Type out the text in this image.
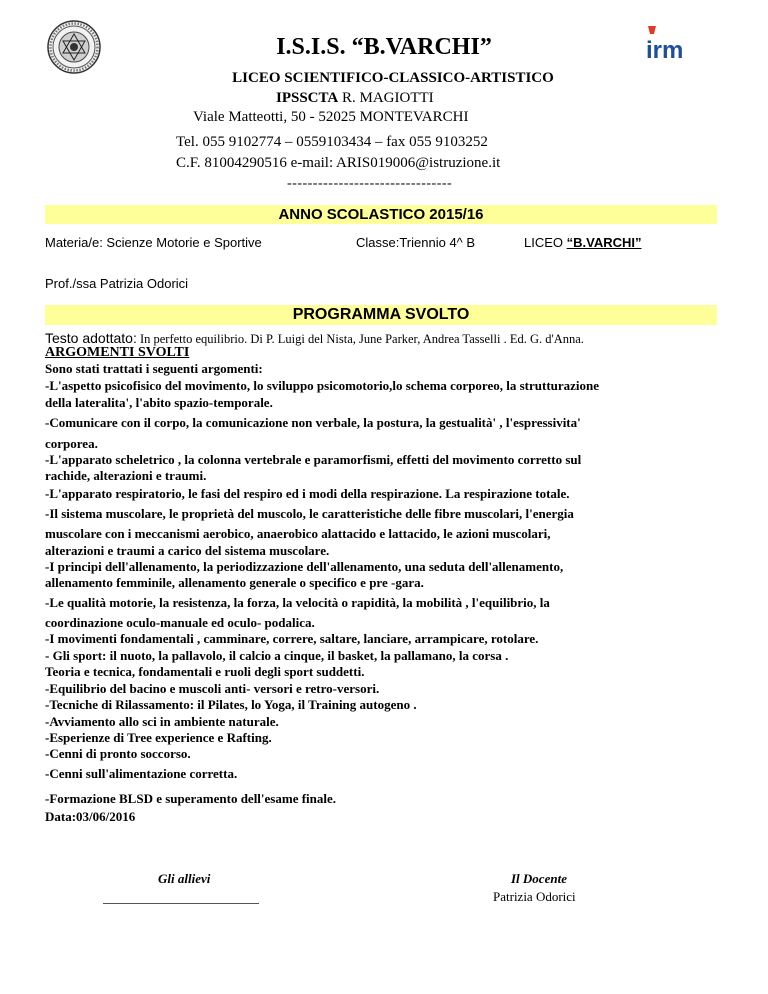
irm
I.S.I.S. “B.VARCHI”
LICEO SCIENTIFICO-CLASSICO-ARTISTICO
IPSSCTA R. MAGIOTTI
Viale Matteotti, 50 - 52025 MONTEVARCHI
Tel. 055 9102774 – 0559103434 – fax 055 9103252
C.F. 81004290516 e-mail: ARIS019006@istruzione.it
--------------------------------
ANNO SCOLASTICO 2015/16
Materia/e: Scienze Motorie e Sportive	Classe:Triennio 4^ B	LICEO “B.VARCHI”
Prof./ssa Patrizia Odorici
PROGRAMMA SVOLTO
Testo adottato: In perfetto equilibrio. Di P. Luigi del Nista, June Parker, Andrea Tasselli . Ed. G. d'Anna.
ARGOMENTI SVOLTI
Sono stati trattati i seguenti argomenti:
-L'aspetto psicofisico del movimento, lo sviluppo psicomotorio,lo schema corporeo, la strutturazione
della lateralita', l'abito spazio-temporale.
-Comunicare con il corpo, la comunicazione non verbale, la postura, la gestualità' , l'espressivita'
corporea.
-L'apparato scheletrico , la colonna vertebrale e paramorfismi, effetti del movimento corretto sul
rachide, alterazioni e traumi.
-L'apparato respiratorio, le fasi del respiro ed i modi della respirazione. La respirazione totale.
-Il sistema muscolare, le proprietà del muscolo, le caratteristiche delle fibre muscolari, l'energia
muscolare con i meccanismi aerobico, anaerobico alattacido e lattacido, le azioni muscolari,
alterazioni e traumi a carico del sistema muscolare.
-I principi dell'allenamento, la periodizzazione dell'allenamento, una seduta dell'allenamento,
allenamento femminile, allenamento generale o specifico e pre -gara.
-Le qualità motorie, la resistenza, la forza, la velocità o rapidità, la mobilità , l'equilibrio, la
coordinazione oculo-manuale ed oculo- podalica.
-I movimenti fondamentali , camminare, correre, saltare, lanciare, arrampicare, rotolare.
- Gli sport: il nuoto, la pallavolo, il calcio a cinque, il basket, la pallamano, la corsa .
Teoria e tecnica, fondamentali e ruoli degli sport suddetti.
-Equilibrio del bacino e muscoli anti- versori e retro-versori.
-Tecniche di Rilassamento: il Pilates, lo Yoga, il Training autogeno .
-Avviamento allo sci in ambiente naturale.
-Esperienze di Tree experience e Rafting.
-Cenni di pronto soccorso.
-Cenni sull'alimentazione corretta.
-Formazione BLSD e superamento dell'esame finale.
Data:03/06/2016
Gli allievi	Il Docente
Patrizia Odorici
